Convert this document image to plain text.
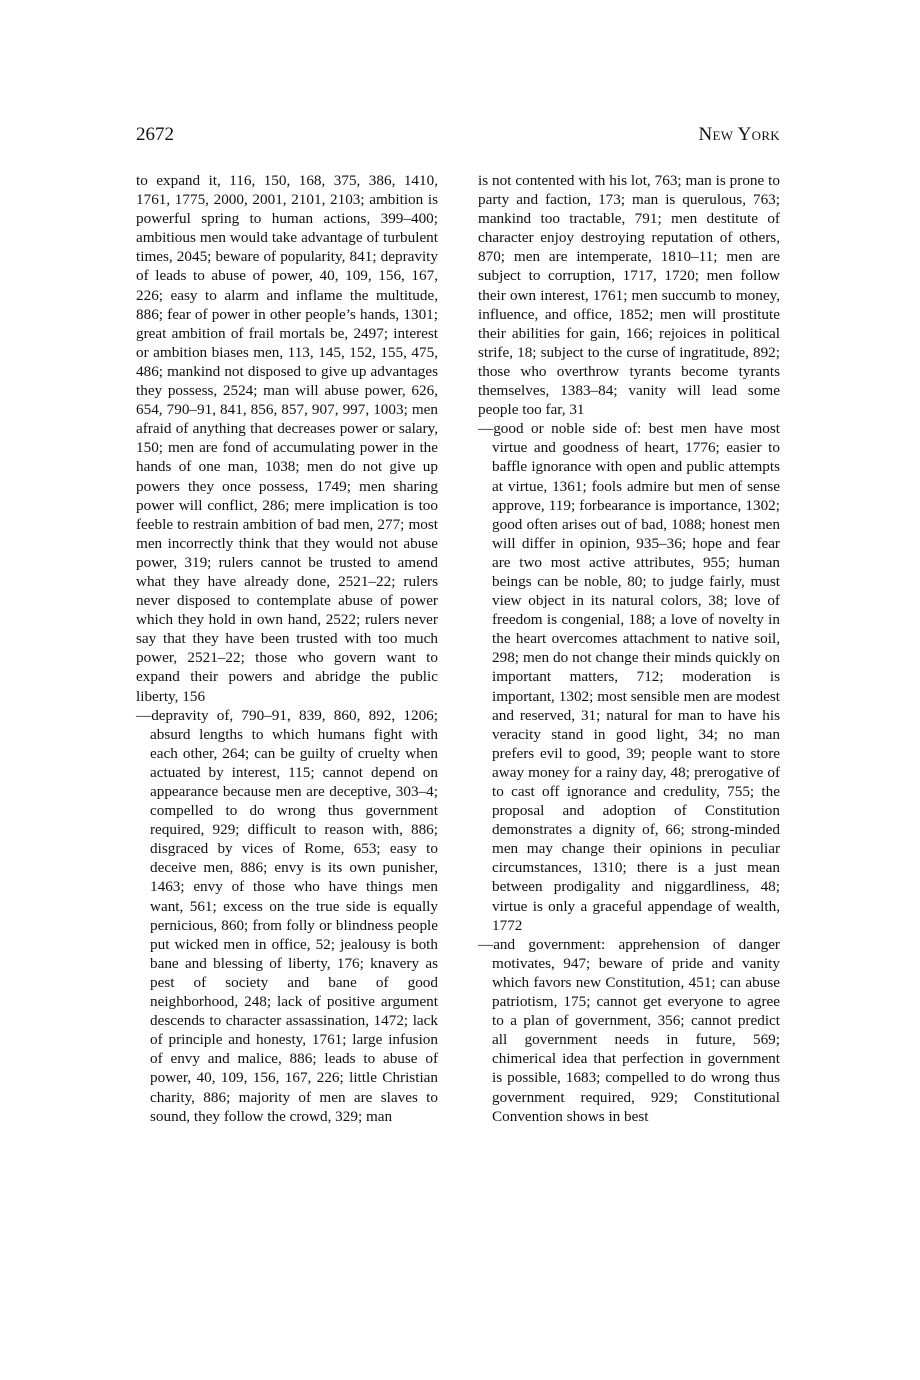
2672	New York

to expand it, 116, 150, 168, 375, 386, 1410, 1761, 1775, 2000, 2001, 2101, 2103; ambition is powerful spring to human actions, 399–400; ambitious men would take advantage of turbulent times, 2045; beware of popularity, 841; depravity of leads to abuse of power, 40, 109, 156, 167, 226; easy to alarm and inflame the multitude, 886; fear of power in other people’s hands, 1301; great ambition of frail mortals be, 2497; interest or ambition biases men, 113, 145, 152, 155, 475, 486; mankind not disposed to give up advantages they possess, 2524; man will abuse power, 626, 654, 790–91, 841, 856, 857, 907, 997, 1003; men afraid of anything that decreases power or salary, 150; men are fond of accumulating power in the hands of one man, 1038; men do not give up powers they once possess, 1749; men sharing power will conflict, 286; mere implication is too feeble to restrain ambition of bad men, 277; most men incorrectly think that they would not abuse power, 319; rulers cannot be trusted to amend what they have already done, 2521–22; rulers never disposed to contemplate abuse of power which they hold in own hand, 2522; rulers never say that they have been trusted with too much power, 2521–22; those who govern want to expand their powers and abridge the public liberty, 156

—depravity of, 790–91, 839, 860, 892, 1206; absurd lengths to which humans fight with each other, 264; can be guilty of cruelty when actuated by interest, 115; cannot depend on appearance because men are deceptive, 303–4; compelled to do wrong thus government required, 929; difficult to reason with, 886; disgraced by vices of Rome, 653; easy to deceive men, 886; envy is its own punisher, 1463; envy of those who have things men want, 561; excess on the true side is equally pernicious, 860; from folly or blindness people put wicked men in office, 52; jealousy is both bane and blessing of liberty, 176; knavery as pest of society and bane of good neighborhood, 248; lack of positive argument descends to character assassination, 1472; lack of principle and honesty, 1761; large infusion of envy and malice, 886; leads to abuse of power, 40, 109, 156, 167, 226; little Christian charity, 886; majority of men are slaves to sound, they follow the crowd, 329; man

is not contented with his lot, 763; man is prone to party and faction, 173; man is querulous, 763; mankind too tractable, 791; men destitute of character enjoy destroying reputation of others, 870; men are intemperate, 1810–11; men are subject to corruption, 1717, 1720; men follow their own interest, 1761; men succumb to money, influence, and office, 1852; men will prostitute their abilities for gain, 166; rejoices in political strife, 18; subject to the curse of ingratitude, 892; those who overthrow tyrants become tyrants themselves, 1383–84; vanity will lead some people too far, 31

—good or noble side of: best men have most virtue and goodness of heart, 1776; easier to baffle ignorance with open and public attempts at virtue, 1361; fools admire but men of sense approve, 119; forbearance is importance, 1302; good often arises out of bad, 1088; honest men will differ in opinion, 935–36; hope and fear are two most active attributes, 955; human beings can be noble, 80; to judge fairly, must view object in its natural colors, 38; love of freedom is congenial, 188; a love of novelty in the heart overcomes attachment to native soil, 298; men do not change their minds quickly on important matters, 712; moderation is important, 1302; most sensible men are modest and reserved, 31; natural for man to have his veracity stand in good light, 34; no man prefers evil to good, 39; people want to store away money for a rainy day, 48; prerogative of to cast off ignorance and credulity, 755; the proposal and adoption of Constitution demonstrates a dignity of, 66; strong-minded men may change their opinions in peculiar circumstances, 1310; there is a just mean between prodigality and niggardliness, 48; virtue is only a graceful appendage of wealth, 1772

—and government: apprehension of danger motivates, 947; beware of pride and vanity which favors new Constitution, 451; can abuse patriotism, 175; cannot get everyone to agree to a plan of government, 356; cannot predict all government needs in future, 569; chimerical idea that perfection in government is possible, 1683; compelled to do wrong thus government required, 929; Constitutional Convention shows in best
